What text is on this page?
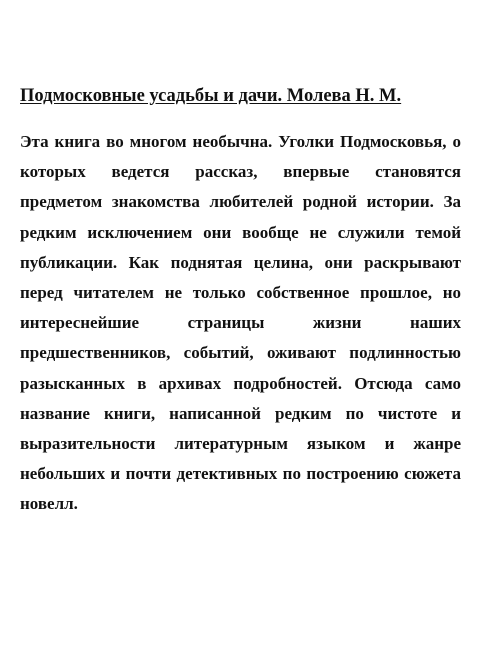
Подмосковные усадьбы и дачи. Молева Н. М.

Эта книга во многом необычна. Уголки Подмосковья, о которых ведется рассказ, впервые становятся предметом знакомства любителей родной истории. За редким исключением они вообще не служили темой публикации. Как поднятая целина, они раскрывают перед читателем не только собственное прошлое, но интереснейшие страницы жизни наших предшественников, событий, оживают подлинностью разысканных в архивах подробностей. Отсюда само название книги, написанной редким по чистоте и выразительности литературным языком и жанре небольших и почти детективных по построению сюжета новелл.
